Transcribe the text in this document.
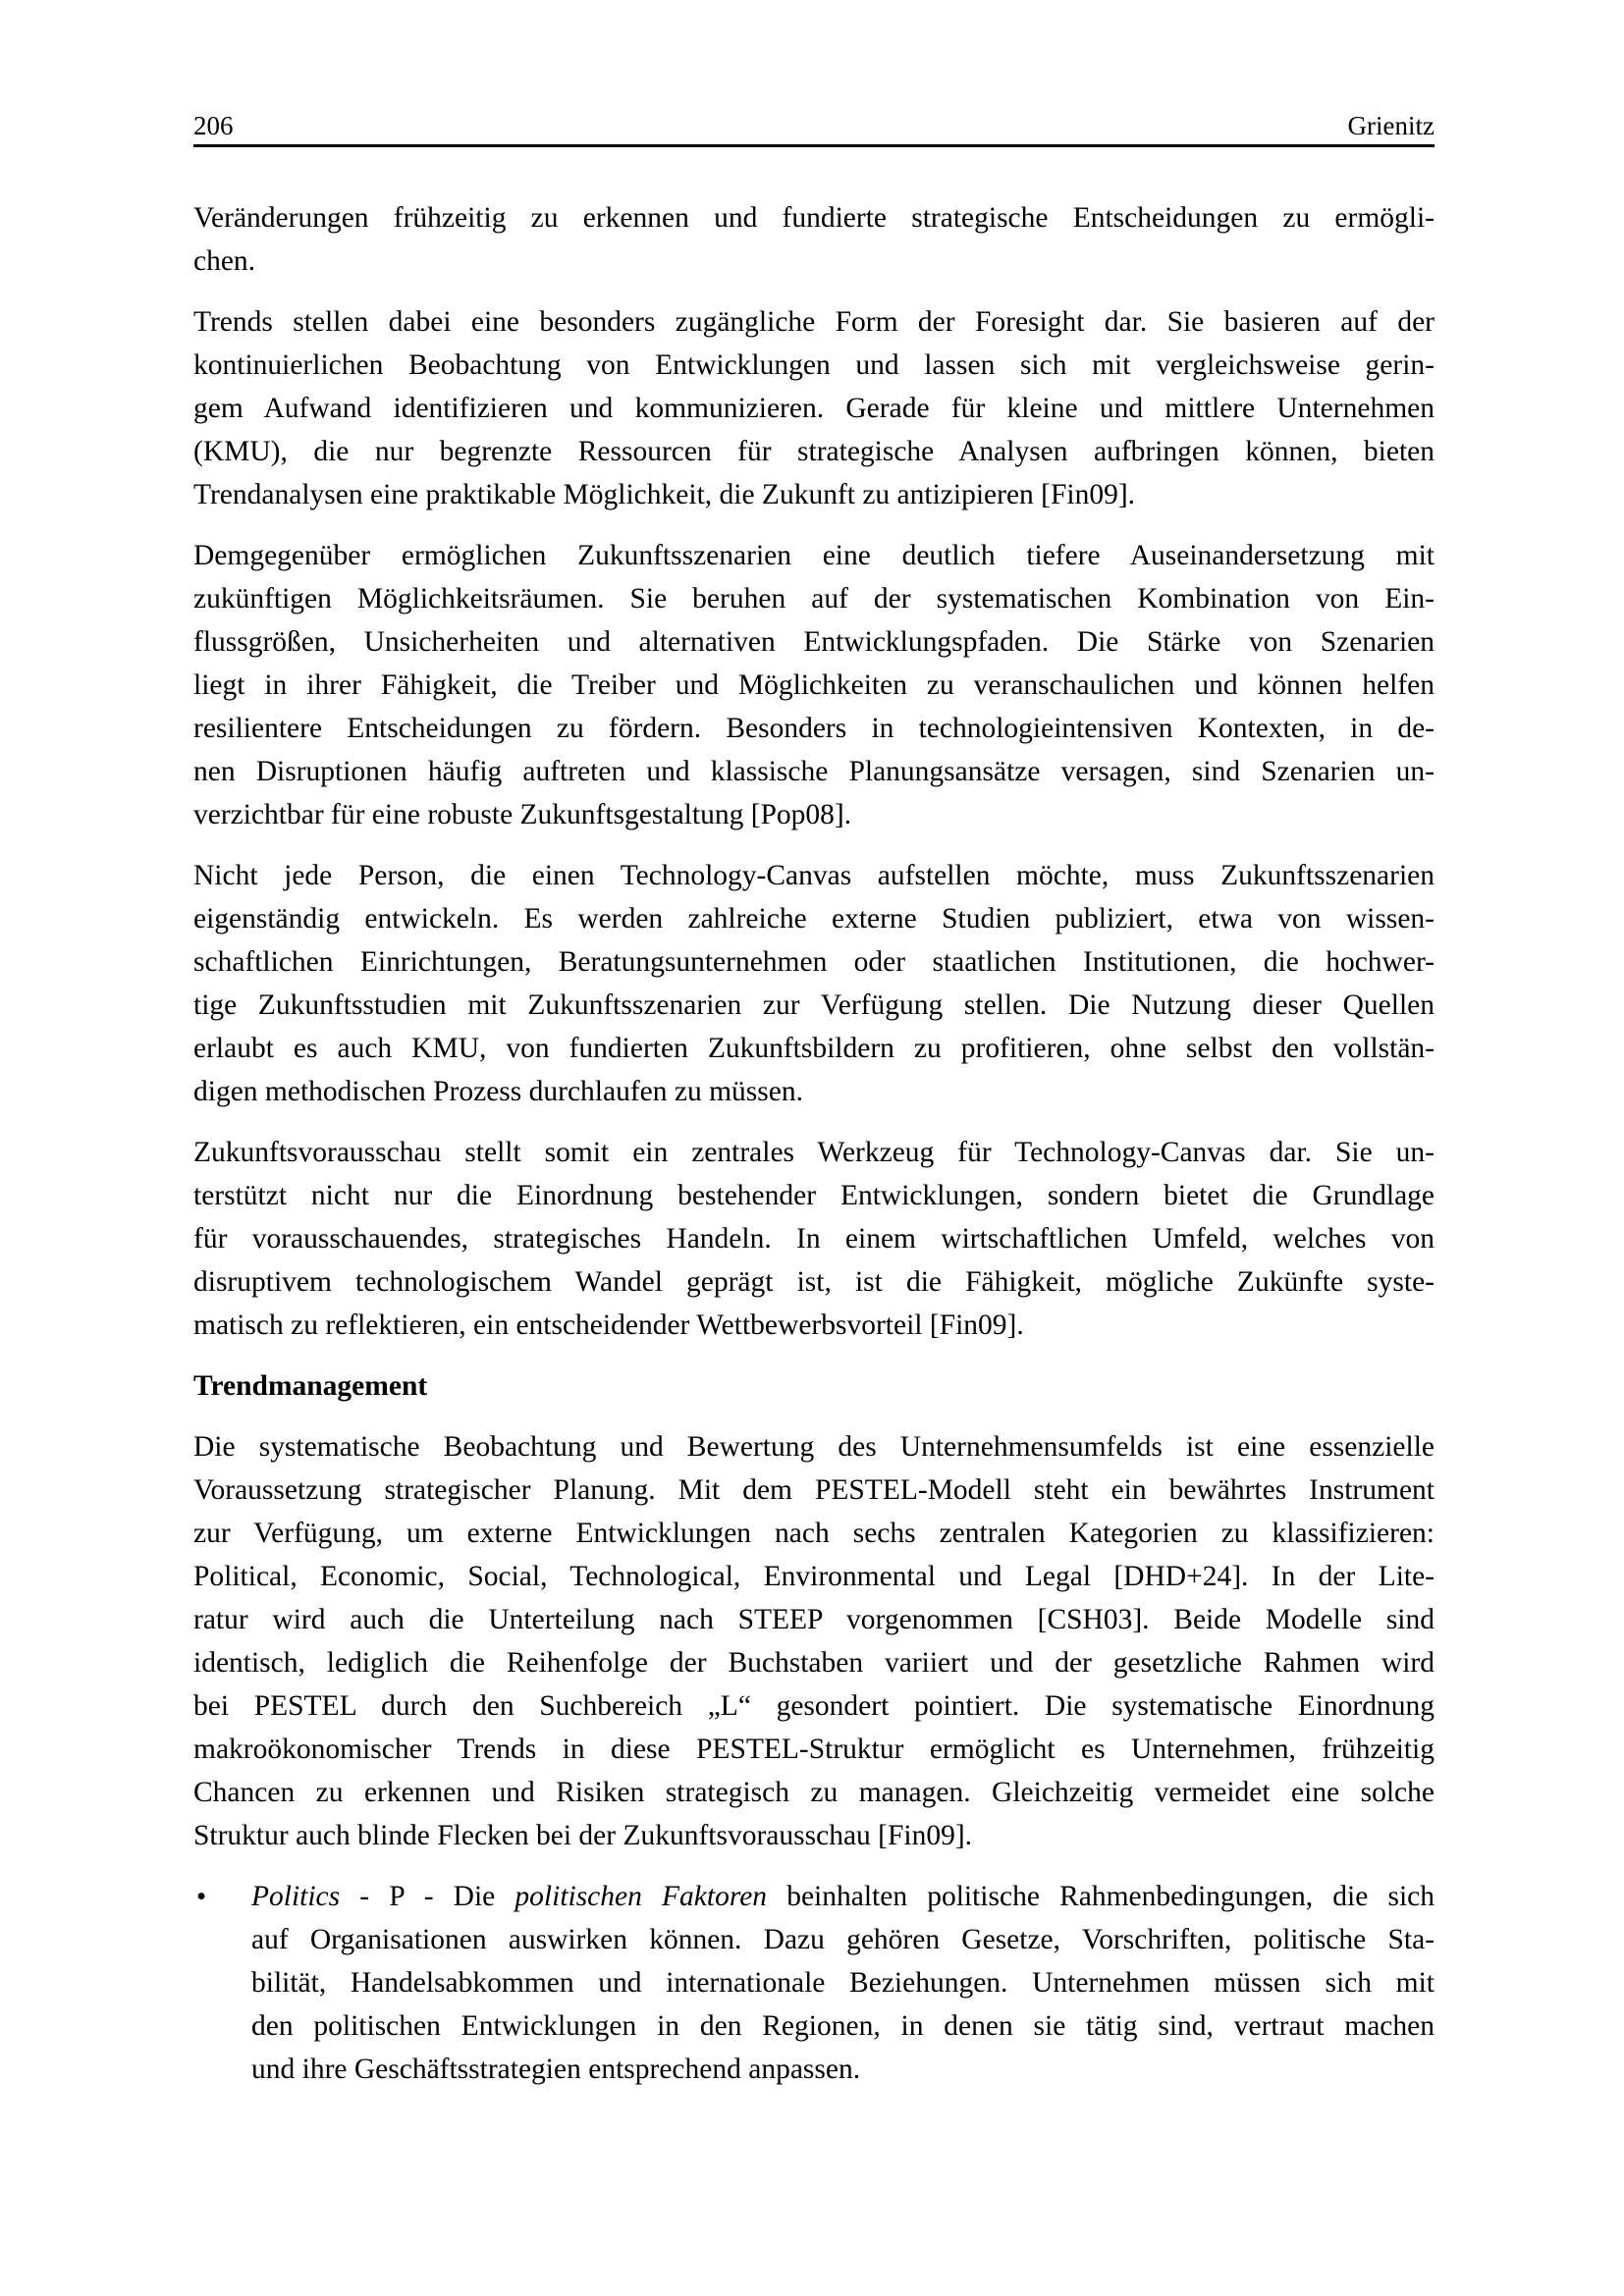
206	Grienitz

Veränderungen frühzeitig zu erkennen und fundierte strategische Entscheidungen zu ermögli-
chen.

Trends stellen dabei eine besonders zugängliche Form der Foresight dar. Sie basieren auf der
kontinuierlichen Beobachtung von Entwicklungen und lassen sich mit vergleichsweise gerin-
gem Aufwand identifizieren und kommunizieren. Gerade für kleine und mittlere Unternehmen
(KMU), die nur begrenzte Ressourcen für strategische Analysen aufbringen können, bieten
Trendanalysen eine praktikable Möglichkeit, die Zukunft zu antizipieren [Fin09].

Demgegenüber ermöglichen Zukunftsszenarien eine deutlich tiefere Auseinandersetzung mit
zukünftigen Möglichkeitsräumen. Sie beruhen auf der systematischen Kombination von Ein-
flussgrößen, Unsicherheiten und alternativen Entwicklungspfaden. Die Stärke von Szenarien
liegt in ihrer Fähigkeit, die Treiber und Möglichkeiten zu veranschaulichen und können helfen
resilientere Entscheidungen zu fördern. Besonders in technologieintensiven Kontexten, in de-
nen Disruptionen häufig auftreten und klassische Planungsansätze versagen, sind Szenarien un-
verzichtbar für eine robuste Zukunftsgestaltung [Pop08].

Nicht jede Person, die einen Technology-Canvas aufstellen möchte, muss Zukunftsszenarien
eigenständig entwickeln. Es werden zahlreiche externe Studien publiziert, etwa von wissen-
schaftlichen Einrichtungen, Beratungsunternehmen oder staatlichen Institutionen, die hochwer-
tige Zukunftsstudien mit Zukunftsszenarien zur Verfügung stellen. Die Nutzung dieser Quellen
erlaubt es auch KMU, von fundierten Zukunftsbildern zu profitieren, ohne selbst den vollstän-
digen methodischen Prozess durchlaufen zu müssen.

Zukunftsvorausschau stellt somit ein zentrales Werkzeug für Technology-Canvas dar. Sie un-
terstützt nicht nur die Einordnung bestehender Entwicklungen, sondern bietet die Grundlage
für vorausschauendes, strategisches Handeln. In einem wirtschaftlichen Umfeld, welches von
disruptivem technologischem Wandel geprägt ist, ist die Fähigkeit, mögliche Zukünfte syste-
matisch zu reflektieren, ein entscheidender Wettbewerbsvorteil [Fin09].

Trendmanagement

Die systematische Beobachtung und Bewertung des Unternehmensumfelds ist eine essenzielle
Voraussetzung strategischer Planung. Mit dem PESTEL-Modell steht ein bewährtes Instrument
zur Verfügung, um externe Entwicklungen nach sechs zentralen Kategorien zu klassifizieren:
Political, Economic, Social, Technological, Environmental und Legal [DHD+24]. In der Lite-
ratur wird auch die Unterteilung nach STEEP vorgenommen [CSH03]. Beide Modelle sind
identisch, lediglich die Reihenfolge der Buchstaben variiert und der gesetzliche Rahmen wird
bei PESTEL durch den Suchbereich „L“ gesondert pointiert. Die systematische Einordnung
makroökonomischer Trends in diese PESTEL-Struktur ermöglicht es Unternehmen, frühzeitig
Chancen zu erkennen und Risiken strategisch zu managen. Gleichzeitig vermeidet eine solche
Struktur auch blinde Flecken bei der Zukunftsvorausschau [Fin09].

• Politics - P - Die politischen Faktoren beinhalten politische Rahmenbedingungen, die sich
auf Organisationen auswirken können. Dazu gehören Gesetze, Vorschriften, politische Sta-
bilität, Handelsabkommen und internationale Beziehungen. Unternehmen müssen sich mit
den politischen Entwicklungen in den Regionen, in denen sie tätig sind, vertraut machen
und ihre Geschäftsstrategien entsprechend anpassen.
